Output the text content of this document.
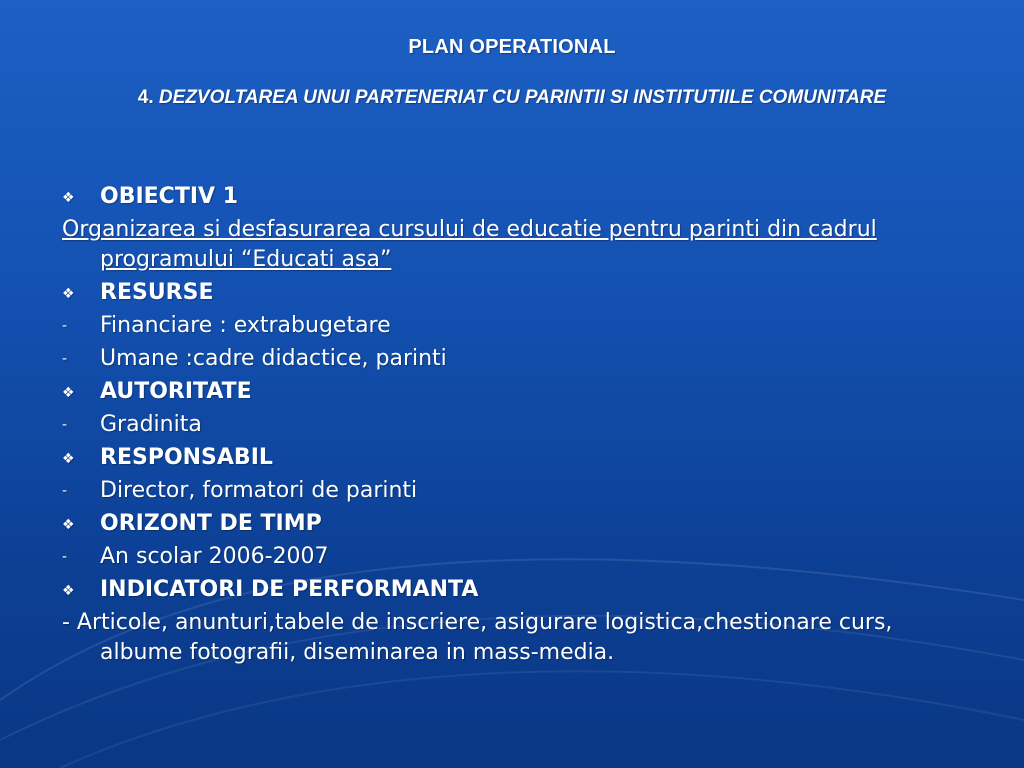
PLAN OPERATIONAL
4. DEZVOLTAREA UNUI PARTENERIAT CU PARINTII SI INSTITUTIILE COMUNITARE
❖ OBIECTIV 1
Organizarea si desfasurarea cursului de educatie pentru parinti din cadrul programului “Educati asa”
❖ RESURSE
- Financiare : extrabugetare
- Umane :cadre didactice, parinti
❖ AUTORITATE
- Gradinita
❖ RESPONSABIL
- Director, formatori de parinti
❖ ORIZONT DE TIMP
- An scolar 2006-2007
❖ INDICATORI DE PERFORMANTA
- Articole, anunturi,tabele de inscriere, asigurare logistica,chestionare curs, albume fotografii, diseminarea in mass-media.
